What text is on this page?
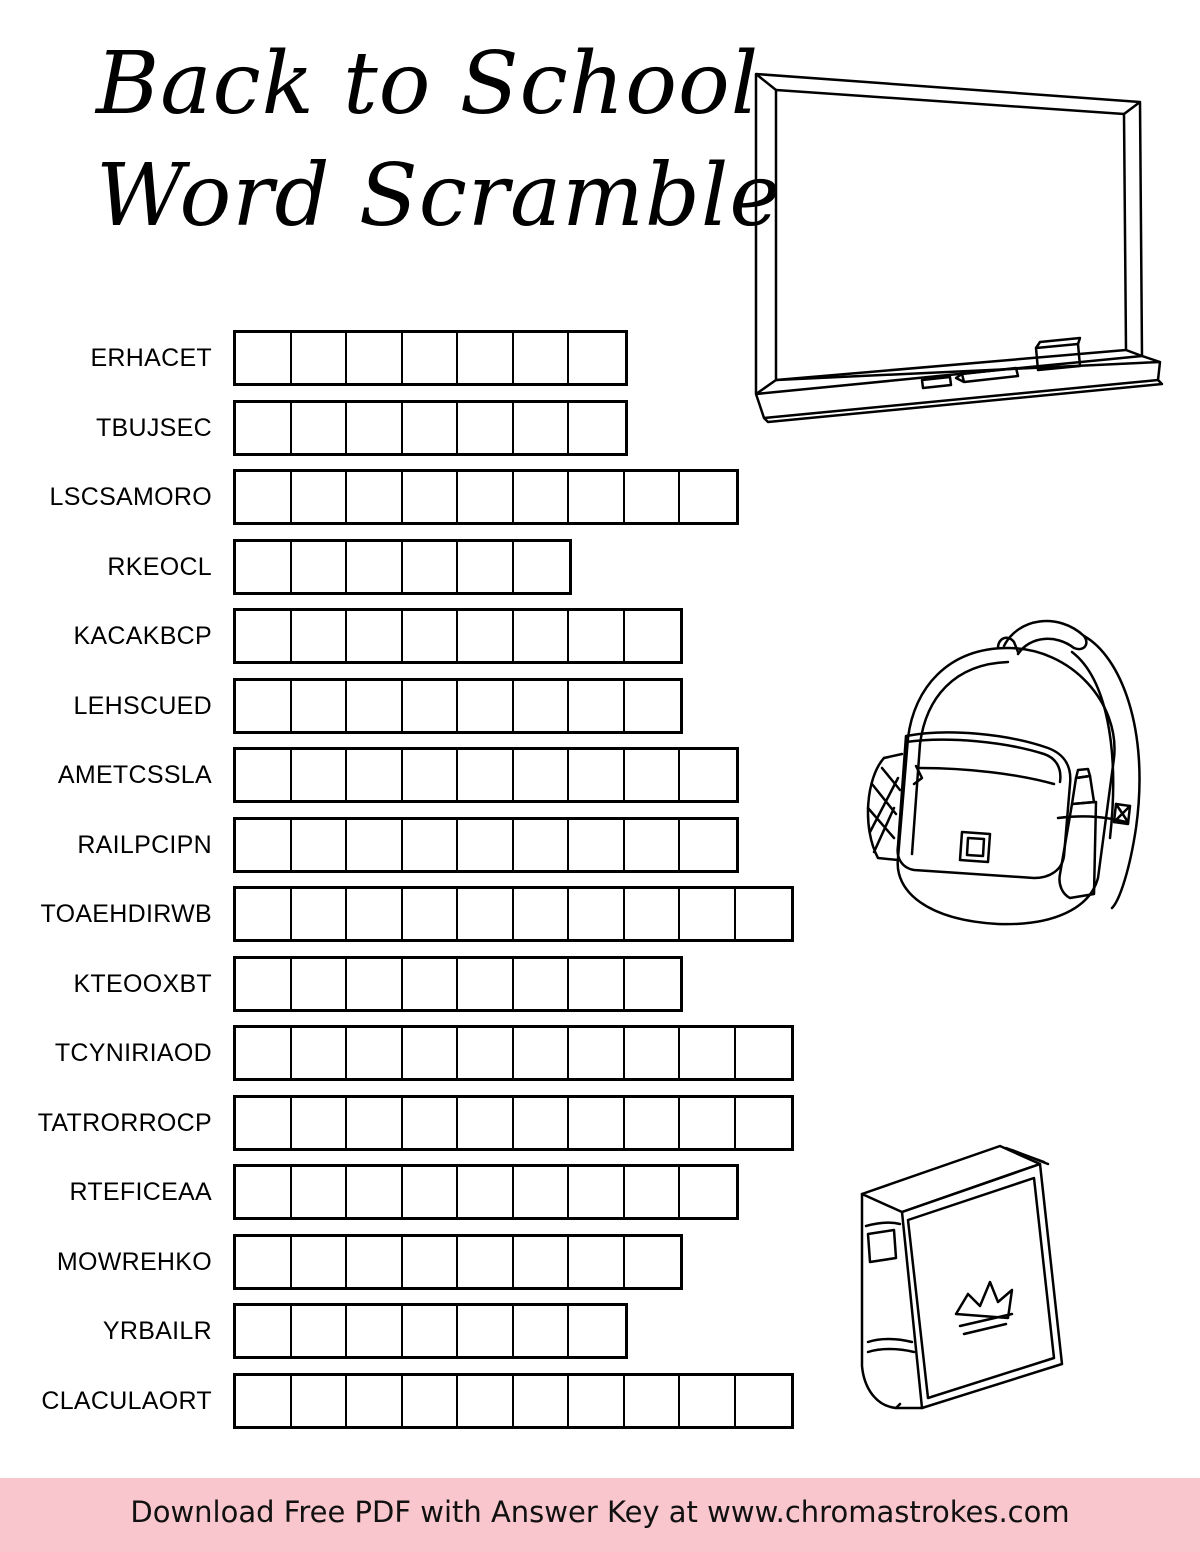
Back to School
Word Scramble
ERHACET
TBUJSEC
LSCSAMORO
RKEOCL
KACAKBCP
LEHSCUED
AMETCSSLA
RAILPCIPN
TOAEHDIRWB
KTEOOXBT
TCYNIRIAOD
TATRORROCP
RTEFICEAA
MOWREHKO
YRBAILR
CLACULAORT
Download Free PDF with Answer Key at www.chromastrokes.com
